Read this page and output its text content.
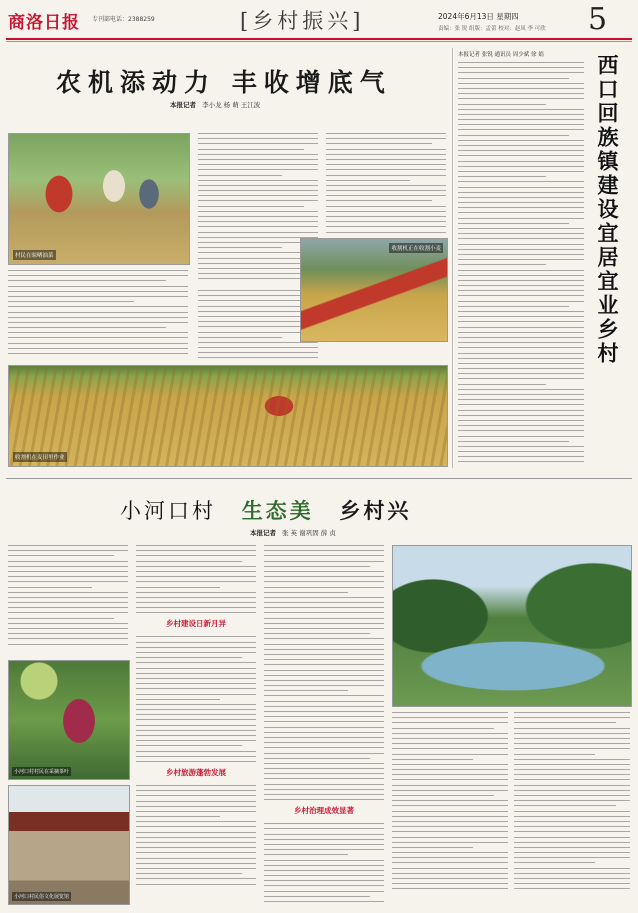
商洛日报 专刊部电话：2388259	[乡村振兴]	2024年6月13日 星期四
责编：张 锐 组版：孟蕾 校对：赵凤 李 可欣 5
农机添动力 丰收增底气
本报记者 李小龙 杨 萌 王江波
村民在晾晒油菜
收割机正在收割小麦
收割机在麦田里作业
本报记者 张锐 通讯员 周少斌 徐 娟 西口回族镇建设宜居宜业乡村
小河口村 生态美 乡村兴
本报记者 张 英 谢巩固 薛 贞
小河口村村民在采摘茶叶
小河口村民俗文化展览馆
乡村建设日新月异
乡村旅游蓬勃发展
乡村治理成效显著
